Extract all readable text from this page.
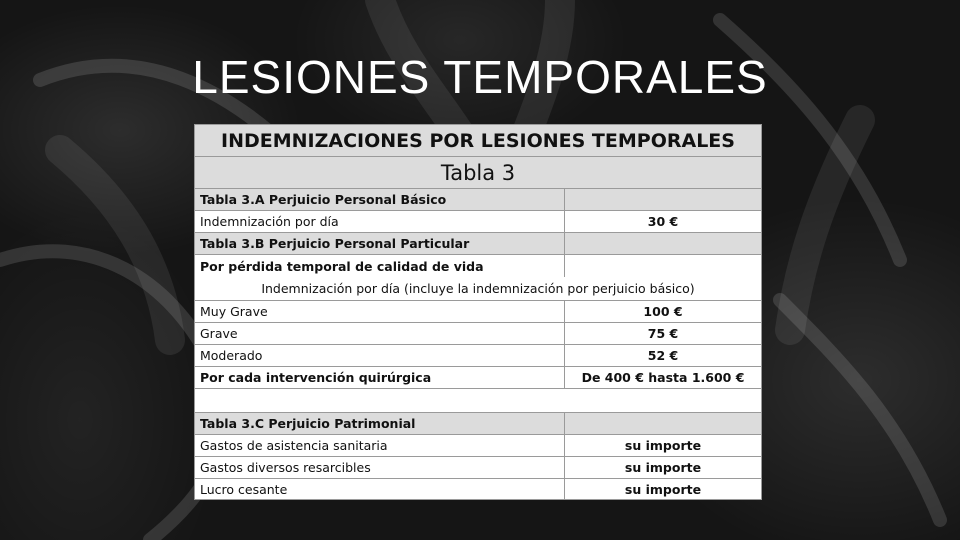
LESIONES TEMPORALES
INDEMNIZACIONES POR LESIONES TEMPORALES
Tabla 3
Tabla 3.A Perjuicio Personal Básico
Indemnización por día	30 €
Tabla 3.B Perjuicio Personal Particular
Por pérdida temporal de calidad de vida
Indemnización por día (incluye la indemnización por perjuicio básico)
Muy Grave	100 €
Grave	75 €
Moderado	52 €
Por cada intervención quirúrgica	De 400 € hasta 1.600 €
Tabla 3.C Perjuicio Patrimonial
Gastos de asistencia sanitaria	su importe
Gastos diversos resarcibles	su importe
Lucro cesante	su importe
